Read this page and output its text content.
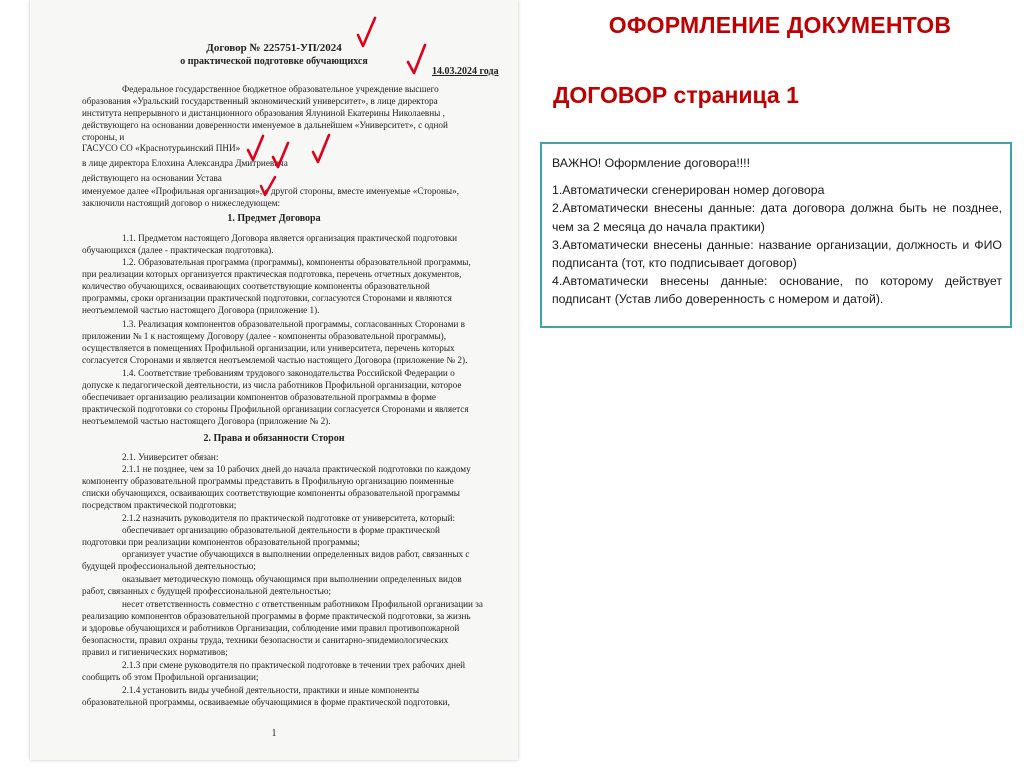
Договор № 225751-УП/2024
о практической подготовке обучающихся
14.03.2024 года
Федеральное государственное бюджетное образовательное учреждение высшего
образования «Уральский государственный экономический университет», в лице директора
института непрерывного и дистанционного образования Ялуниной Екатерины Николаевны ,
действующего на основании доверенности именуемое в дальнейшем «Университет», с одной
стороны, и
ГАСУСО СО «Краснотурьинский ПНИ»
в лице директора Елохина Александра Дмитриевича
действующего на основании Устава
именуемое далее «Профильная организация», с другой стороны, вместе именуемые «Стороны»,
заключили настоящий договор о нижеследующем:
1. Предмет Договора
1.1. Предметом настоящего Договора является организация практической подготовки
обучающихся (далее - практическая подготовка).
1.2. Образовательная программа (программы), компоненты образовательной программы,
при реализации которых организуется практическая подготовка, перечень отчетных документов,
количество обучающихся, осваивающих соответствующие компоненты образовательной
программы, сроки организации практической подготовки, согласуются Сторонами и являются
неотъемлемой частью настоящего Договора (приложение 1).
1.3. Реализация компонентов образовательной программы, согласованных Сторонами в
приложении № 1 к настоящему Договору (далее - компоненты образовательной программы),
осуществляется в помещениях Профильной организации, или университета, перечень которых
согласуется Сторонами и является неотъемлемой частью настоящего Договора (приложение № 2).
1.4. Соответствие требованиям трудового законодательства Российской Федерации о
допуске к педагогической деятельности, из числа работников Профильной организации, которое
обеспечивает организацию реализации компонентов образовательной программы в форме
практической подготовки со стороны Профильной организации согласуется Сторонами и является
неотъемлемой частью настоящего Договора (приложение № 2).
2. Права и обязанности Сторон
2.1. Университет обязан:
2.1.1 не позднее, чем за 10 рабочих дней до начала практической подготовки по каждому
компоненту образовательной программы представить в Профильную организацию поименные
списки обучающихся, осваивающих соответствующие компоненты образовательной программы
посредством практической подготовки;
2.1.2 назначить руководителя по практической подготовке от университета, который:
обеспечивает организацию образовательной деятельности в форме практической
подготовки при реализации компонентов образовательной программы;
организует участие обучающихся в выполнении определенных видов работ, связанных с
будущей профессиональной деятельностью;
оказывает методическую помощь обучающимся при выполнении определенных видов
работ, связанных с будущей профессиональной деятельностью;
несет ответственность совместно с ответственным работником Профильной организации за
реализацию компонентов образовательной программы в форме практической подготовки, за жизнь
и здоровье обучающихся и работников Организации, соблюдение ими правил противопожарной
безопасности, правил охраны труда, техники безопасности и санитарно-эпидемиологических
правил и гигиенических нормативов;
2.1.3 при смене руководителя по практической подготовке в течении трех рабочих дней
сообщить об этом Профильной организации;
2.1.4 установить виды учебной деятельности, практики и иные компоненты
образовательной программы, осваиваемые обучающимися в форме практической подготовки,
1
ОФОРМЛЕНИЕ ДОКУМЕНТОВ
ДОГОВОР страница 1
ВАЖНО! Оформление договора!!!!
1.Автоматически сгенерирован номер договора
2.Автоматически внесены данные: дата договора должна быть не позднее, чем за 2 месяца до начала практики)
3.Автоматически внесены данные: название организации, должность и ФИО подписанта (тот, кто подписывает договор)
4.Автоматически внесены данные: основание, по которому действует подписант (Устав либо доверенность с номером и датой).
